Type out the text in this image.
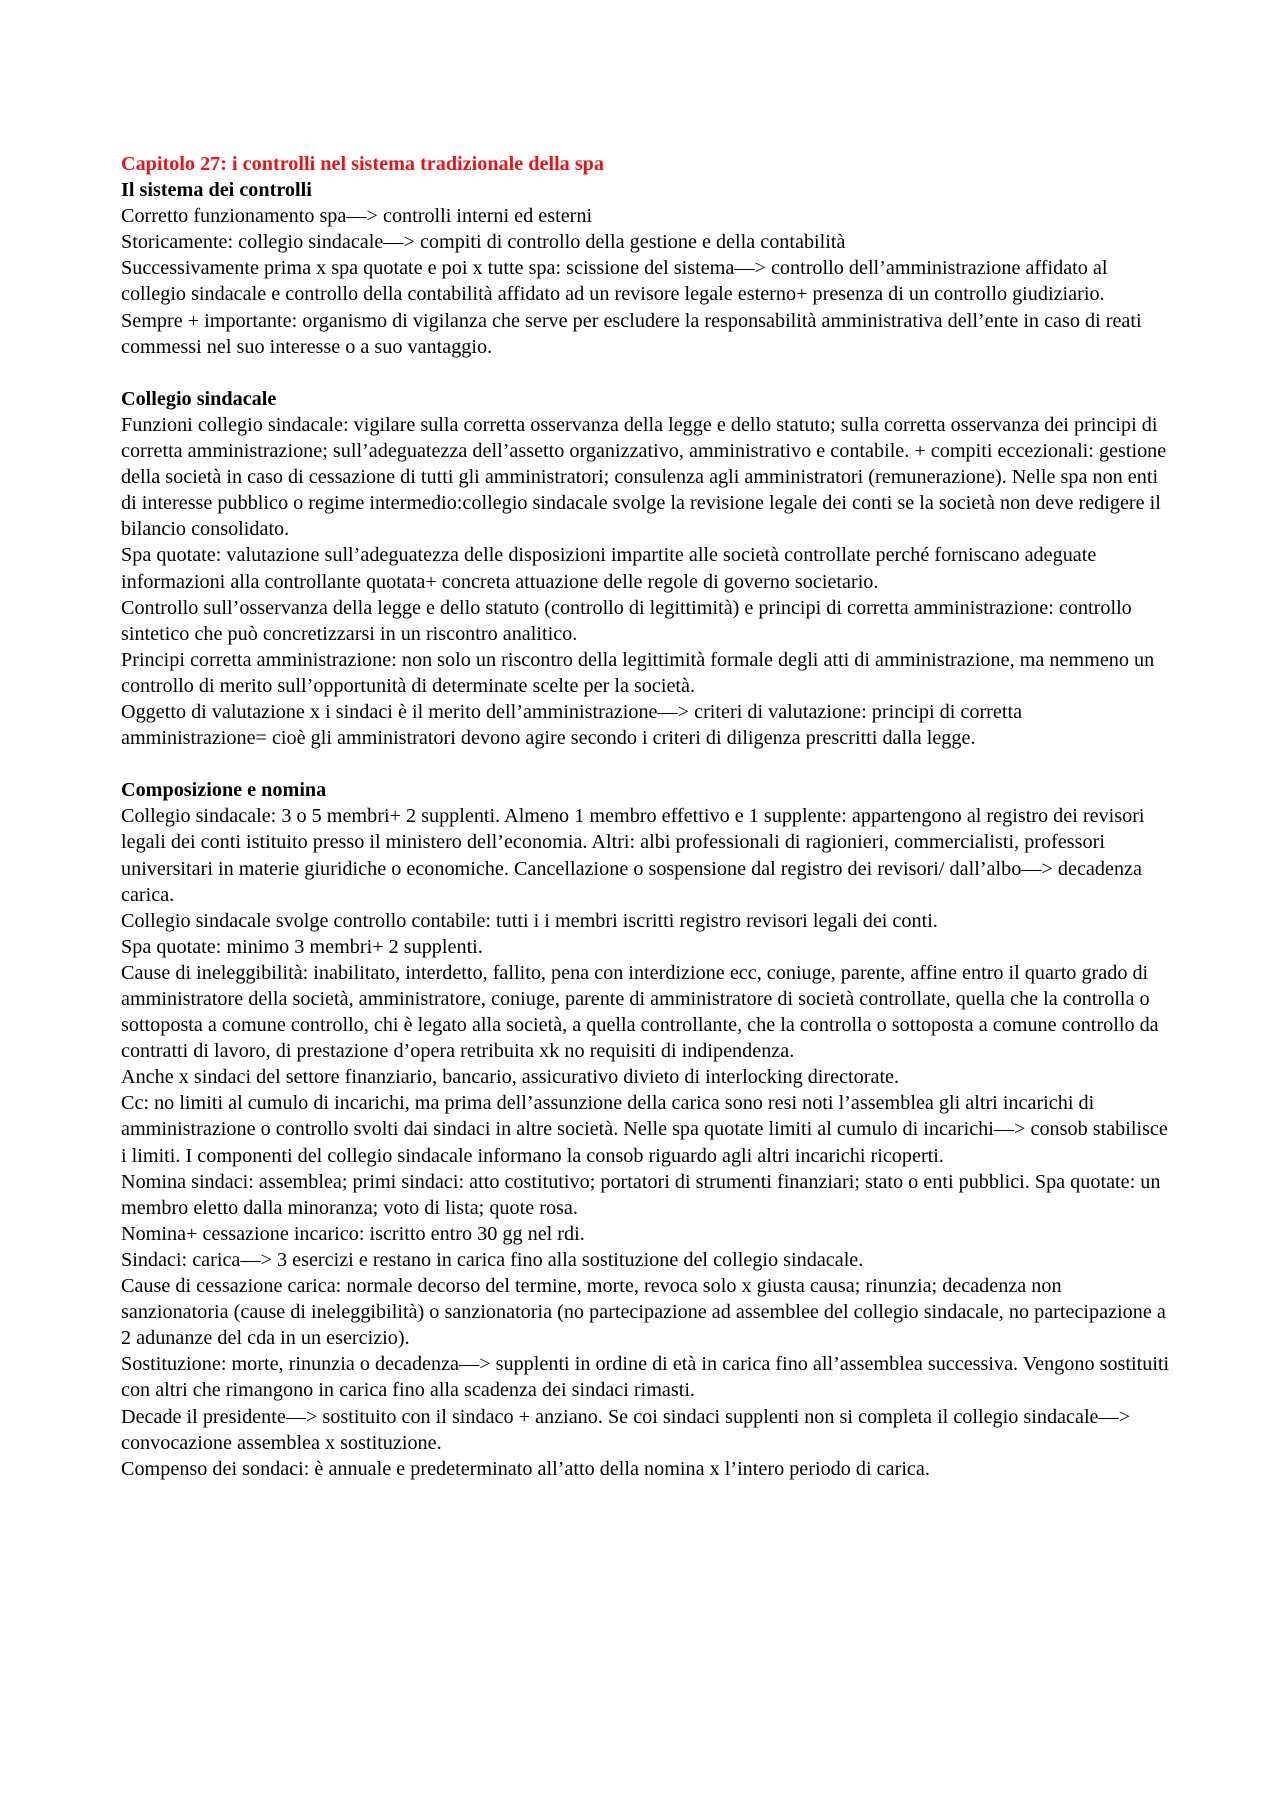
Capitolo 27: i controlli nel sistema tradizionale della spa

Il sistema dei controlli

Corretto funzionamento spa—> controlli interni ed esterni

Storicamente: collegio sindacale—> compiti di controllo della gestione e della contabilità

Successivamente prima x spa quotate e poi x tutte spa: scissione del sistema—> controllo dell’amministrazione affidato al collegio sindacale e controllo della contabilità affidato ad un revisore legale esterno+ presenza di un controllo giudiziario.

Sempre + importante: organismo di vigilanza che serve per escludere la responsabilità amministrativa dell’ente in caso di reati commessi nel suo interesse o a suo vantaggio.

Collegio sindacale

Funzioni collegio sindacale: vigilare sulla corretta osservanza della legge e dello statuto; sulla corretta osservanza dei principi di corretta amministrazione; sull’adeguatezza dell’assetto organizzativo, amministrativo e contabile. + compiti eccezionali: gestione della società in caso di cessazione di tutti gli amministratori; consulenza agli amministratori (remunerazione). Nelle spa non enti di interesse pubblico o regime intermedio:collegio sindacale svolge la revisione legale dei conti se la società non deve redigere il bilancio consolidato.

Spa quotate: valutazione sull’adeguatezza delle disposizioni impartite alle società controllate perché forniscano adeguate informazioni alla controllante quotata+ concreta attuazione delle regole di governo societario.

Controllo sull’osservanza della legge e dello statuto (controllo di legittimità) e principi di corretta amministrazione: controllo sintetico che può concretizzarsi in un riscontro analitico.

Principi corretta amministrazione: non solo un riscontro della legittimità formale degli atti di amministrazione, ma nemmeno un controllo di merito sull’opportunità di determinate scelte per la società.

Oggetto di valutazione x i sindaci è il merito dell’amministrazione—> criteri di valutazione: principi di corretta amministrazione= cioè gli amministratori devono agire secondo i criteri di diligenza prescritti dalla legge.

Composizione e nomina

Collegio sindacale: 3 o 5 membri+ 2 supplenti. Almeno 1 membro effettivo e 1 supplente: appartengono al registro dei revisori legali dei conti istituito presso il ministero dell’economia. Altri: albi professionali di ragionieri, commercialisti, professori universitari in materie giuridiche o economiche. Cancellazione o sospensione dal registro dei revisori/ dall’albo—> decadenza carica.

Collegio sindacale svolge controllo contabile: tutti i i membri iscritti registro revisori legali dei conti.

Spa quotate: minimo 3 membri+ 2 supplenti.

Cause di ineleggibilità: inabilitato, interdetto, fallito, pena con interdizione ecc, coniuge, parente, affine entro il quarto grado di amministratore della società, amministratore, coniuge, parente di amministratore di società controllate, quella che la controlla o sottoposta a comune controllo, chi è legato alla società, a quella controllante, che la controlla o sottoposta a comune controllo da contratti di lavoro, di prestazione d’opera retribuita xk no requisiti di indipendenza.

Anche x sindaci del settore finanziario, bancario, assicurativo divieto di interlocking directorate.

Cc: no limiti al cumulo di incarichi, ma prima dell’assunzione della carica sono resi noti l’assemblea gli altri incarichi di amministrazione o controllo svolti dai sindaci in altre società. Nelle spa quotate limiti al cumulo di incarichi—> consob stabilisce i limiti. I componenti del collegio sindacale informano la consob riguardo agli altri incarichi ricoperti.

Nomina sindaci: assemblea; primi sindaci: atto costitutivo; portatori di strumenti finanziari; stato o enti pubblici. Spa quotate: un membro eletto dalla minoranza; voto di lista; quote rosa.

Nomina+ cessazione incarico: iscritto entro 30 gg nel rdi.

Sindaci: carica—> 3 esercizi e restano in carica fino alla sostituzione del collegio sindacale.

Cause di cessazione carica: normale decorso del termine, morte, revoca solo x giusta causa; rinunzia; decadenza non sanzionatoria (cause di ineleggibilità) o sanzionatoria (no partecipazione ad assemblee del collegio sindacale, no partecipazione a 2 adunanze del cda in un esercizio).

Sostituzione: morte, rinunzia o decadenza—> supplenti in ordine di età in carica fino all’assemblea successiva. Vengono sostituiti con altri che rimangono in carica fino alla scadenza dei sindaci rimasti.

Decade il presidente—> sostituito con il sindaco + anziano. Se coi sindaci supplenti non si completa il collegio sindacale—> convocazione assemblea x sostituzione.

Compenso dei sondaci: è annuale e predeterminato all’atto della nomina x l’intero periodo di carica.
